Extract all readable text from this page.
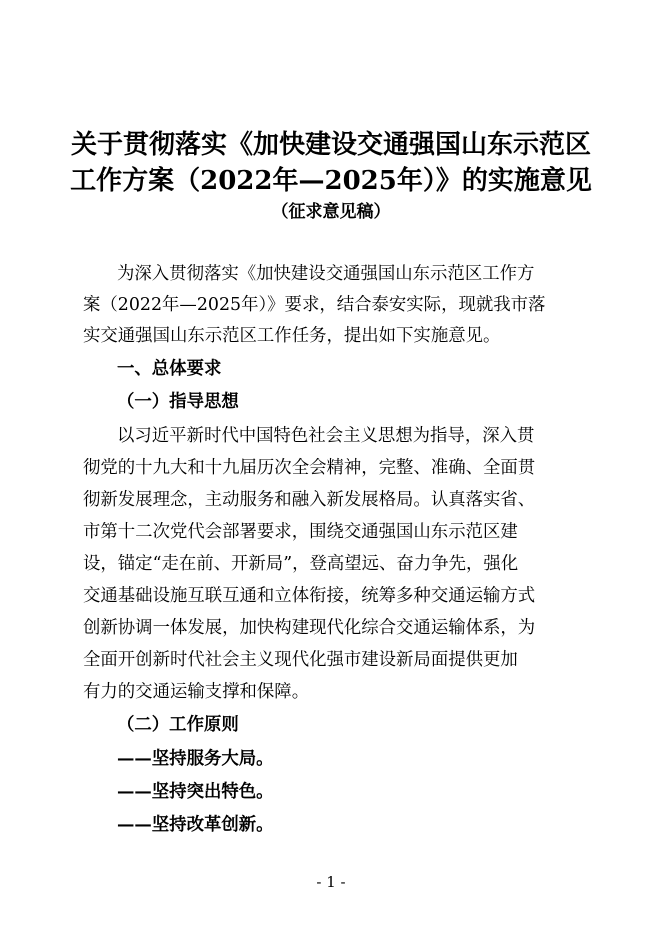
关于贯彻落实《加快建设交通强国山东示范区
工作方案（2022年—2025年）》的实施意见
（征求意见稿）
为深入贯彻落实《加快建设交通强国山东示范区工作方
案（2022年—2025年）》要求，结合泰安实际，现就我市落
实交通强国山东示范区工作任务，提出如下实施意见。
一、总体要求
（一）指导思想
以习近平新时代中国特色社会主义思想为指导，深入贯
彻党的十九大和十九届历次全会精神，完整、准确、全面贯
彻新发展理念，主动服务和融入新发展格局。认真落实省、
市第十二次党代会部署要求，围绕交通强国山东示范区建
设，锚定“走在前、开新局”，登高望远、奋力争先，强化
交通基础设施互联互通和立体衔接，统筹多种交通运输方式
创新协调一体发展，加快构建现代化综合交通运输体系，为
全面开创新时代社会主义现代化强市建设新局面提供更加
有力的交通运输支撑和保障。
（二）工作原则
——坚持服务大局。
——坚持突出特色。
——坚持改革创新。
- 1 -
